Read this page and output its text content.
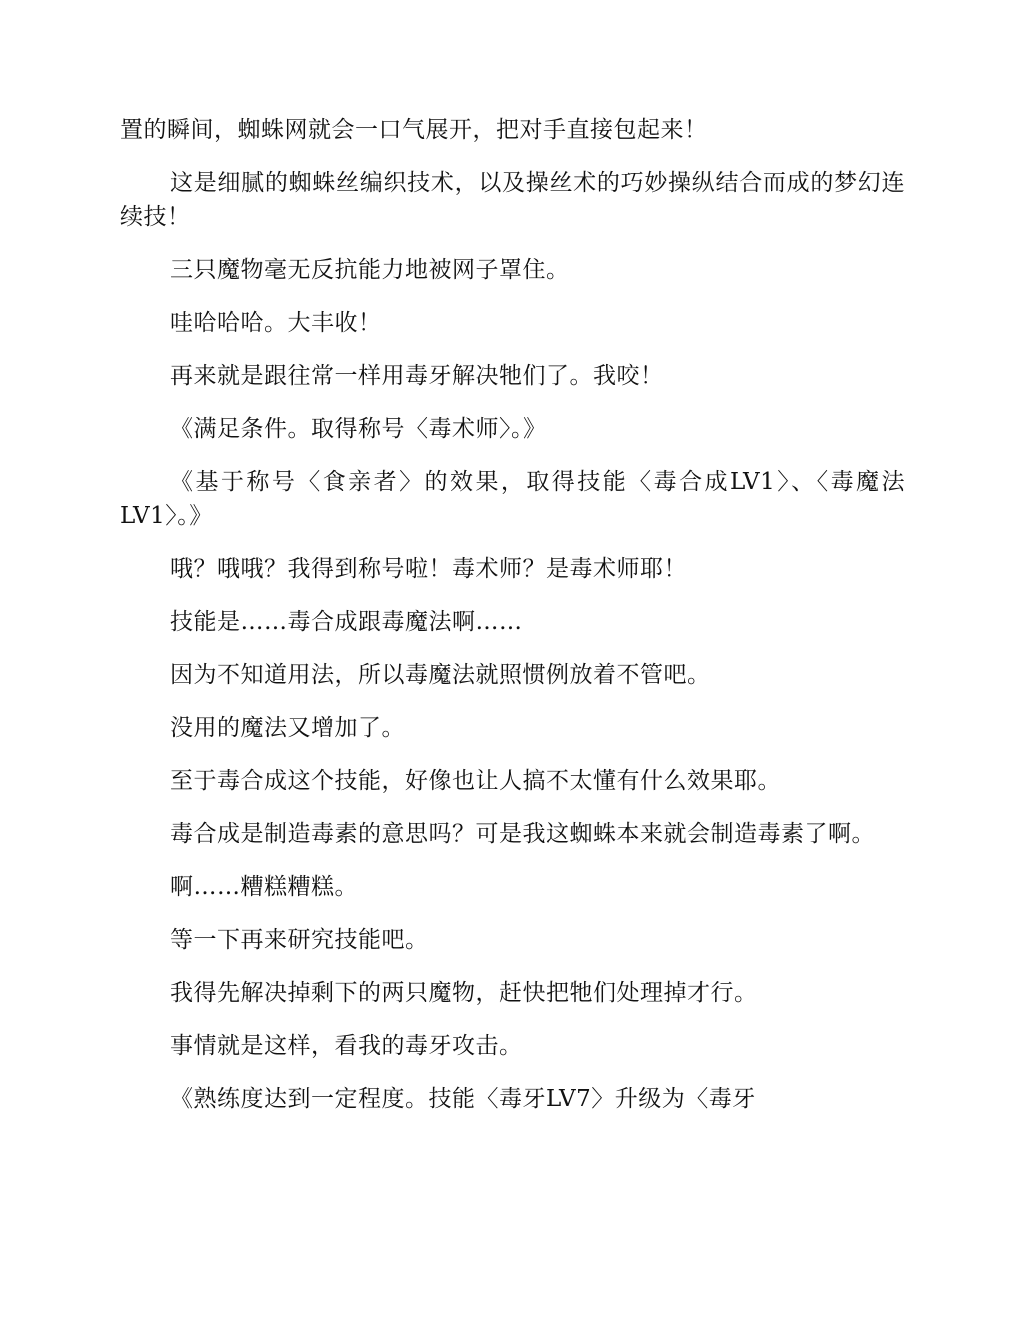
置的瞬间，蜘蛛网就会一口气展开，把对手直接包起来！

这是细腻的蜘蛛丝编织技术，以及操丝术的巧妙操纵结合而成的梦幻连续技！

三只魔物毫无反抗能力地被网子罩住。

哇哈哈哈。大丰收！

再来就是跟往常一样用毒牙解决牠们了。我咬！

《满足条件。取得称号〈毒术师〉。》

《基于称号〈食亲者〉的效果，取得技能〈毒合成LV1〉、〈毒魔法LV1〉。》

哦？哦哦？我得到称号啦！毒术师？是毒术师耶！

技能是……毒合成跟毒魔法啊……

因为不知道用法，所以毒魔法就照惯例放着不管吧。

没用的魔法又增加了。

至于毒合成这个技能，好像也让人搞不太懂有什么效果耶。

毒合成是制造毒素的意思吗？可是我这蜘蛛本来就会制造毒素了啊。

啊……糟糕糟糕。

等一下再来研究技能吧。

我得先解决掉剩下的两只魔物，赶快把牠们处理掉才行。

事情就是这样，看我的毒牙攻击。

《熟练度达到一定程度。技能〈毒牙LV7〉升级为〈毒牙
